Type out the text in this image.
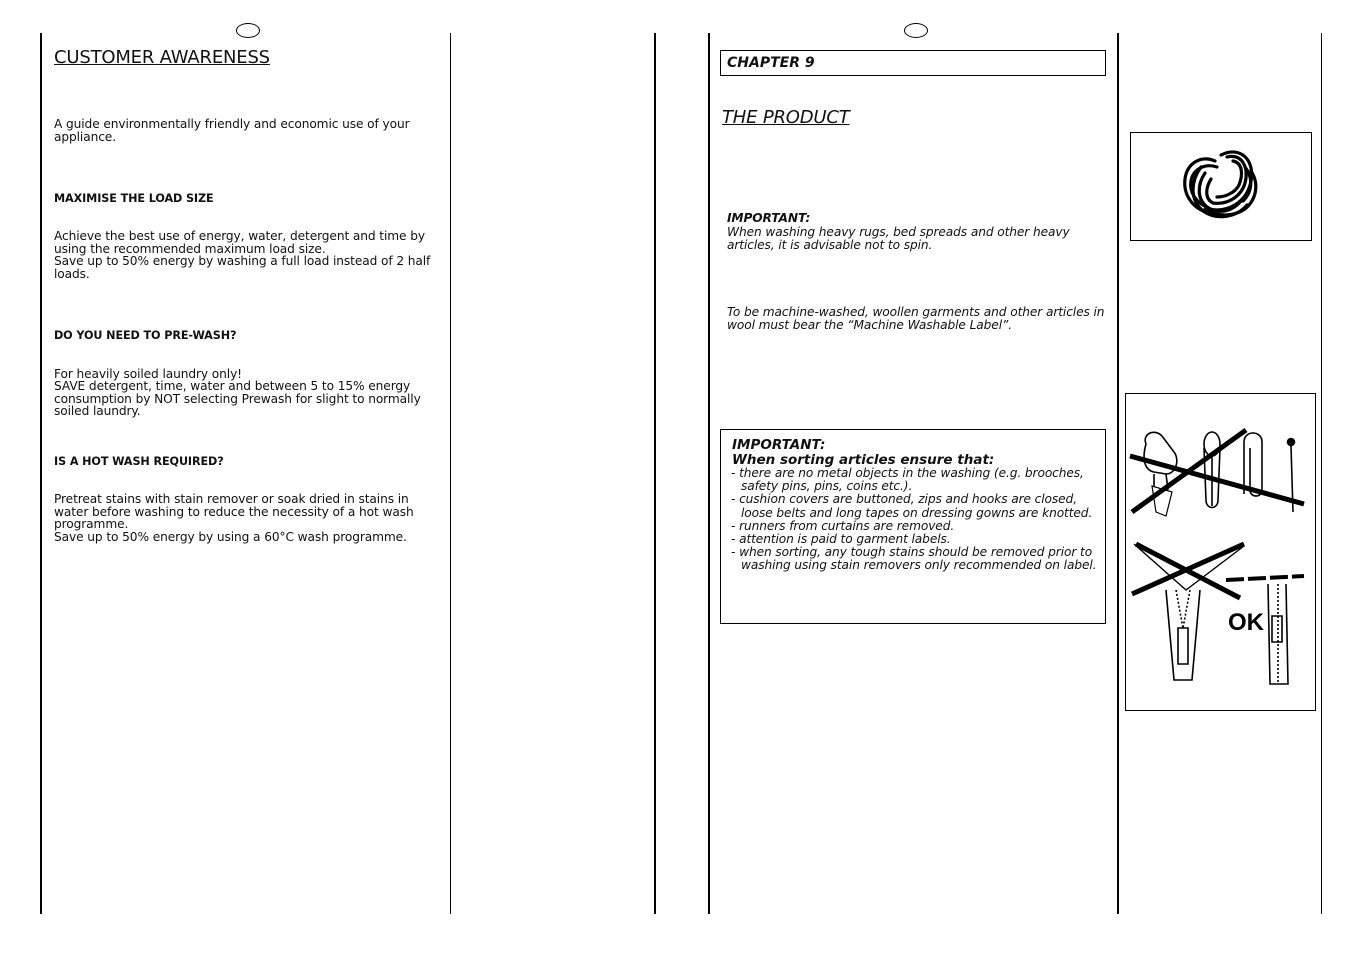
CUSTOMER AWARENESS

A guide environmentally friendly and economic use of your appliance.

MAXIMISE THE LOAD SIZE

Achieve the best use of energy, water, detergent and time by using the recommended maximum load size.

Save up to 50% energy by washing a full load instead of 2 half loads.

DO YOU NEED TO PRE-WASH?

For heavily soiled laundry only!

SAVE detergent, time, water and between 5 to 15% energy consumption by NOT selecting Prewash for slight to normally soiled laundry.

IS A HOT WASH REQUIRED?

Pretreat stains with stain remover or soak dried in stains in water before washing to reduce the necessity of a hot wash programme.

Save up to 50% energy by using a 60°C wash programme.

CHAPTER 9
THE PRODUCT

IMPORTANT:

When washing heavy rugs, bed spreads and other heavy articles, it is advisable not to spin.

To be machine-washed, woollen garments and other articles in wool must bear the “Machine Washable Label”.

IMPORTANT:
When sorting articles ensure that:
- there are no metal objects in the washing (e.g. brooches, safety pins, pins, coins etc.).
- cushion covers are buttoned, zips and hooks are closed, loose belts and long tapes on dressing gowns are knotted.
- runners from curtains are removed.
- attention is paid to garment labels.
- when sorting, any tough stains should be removed prior to washing using stain removers only recommended on label.
OK
